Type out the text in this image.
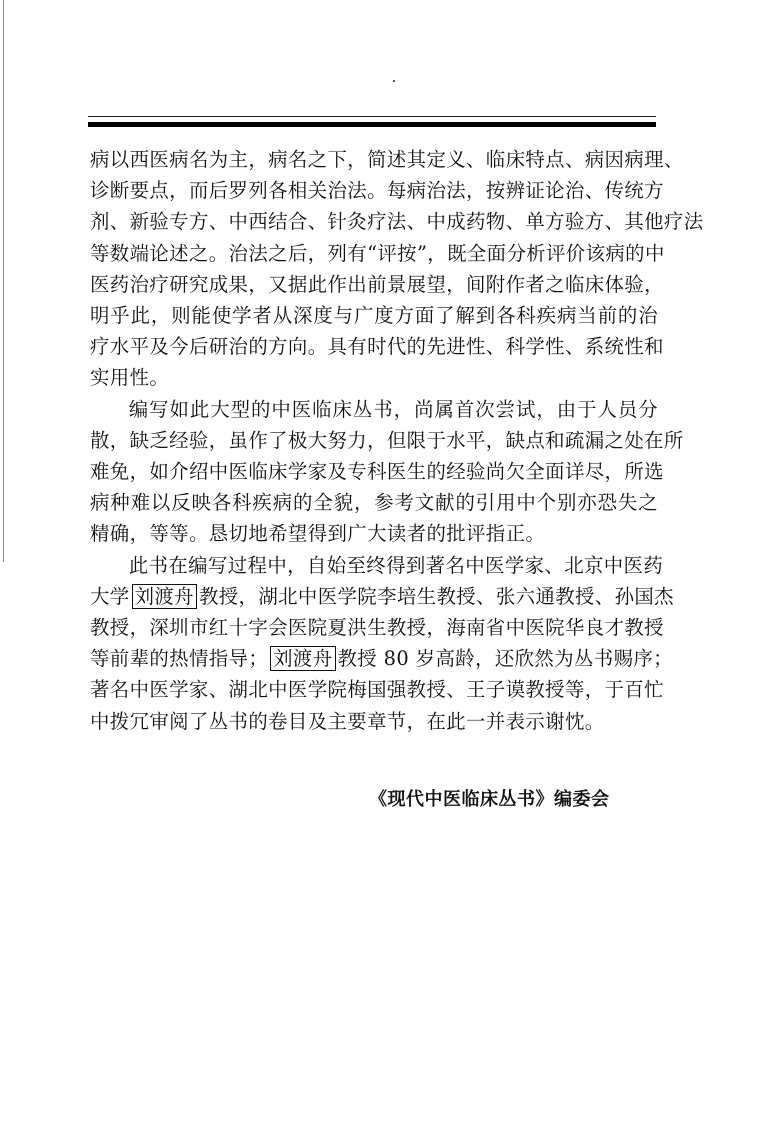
病以西医病名为主，病名之下，简述其定义、临床特点、病因病理、
诊断要点，而后罗列各相关治法。每病治法，按辨证论治、传统方
剂、新验专方、中西结合、针灸疗法、中成药物、单方验方、其他疗法
等数端论述之。治法之后，列有“评按”，既全面分析评价该病的中
医药治疗研究成果，又据此作出前景展望，间附作者之临床体验，
明乎此，则能使学者从深度与广度方面了解到各科疾病当前的治
疗水平及今后研治的方向。具有时代的先进性、科学性、系统性和
实用性。

编写如此大型的中医临床丛书，尚属首次尝试，由于人员分
散，缺乏经验，虽作了极大努力，但限于水平，缺点和疏漏之处在所
难免，如介绍中医临床学家及专科医生的经验尚欠全面详尽，所选
病种难以反映各科疾病的全貌，参考文献的引用中个别亦恐失之
精确，等等。恳切地希望得到广大读者的批评指正。

此书在编写过程中，自始至终得到著名中医学家、北京中医药
大学 刘渡舟 教授，湖北中医学院李培生教授、张六通教授、孙国杰
教授，深圳市红十字会医院夏洪生教授，海南省中医院华良才教授
等前辈的热情指导； 刘渡舟 教授 80 岁高龄，还欣然为丛书赐序；
著名中医学家、湖北中医学院梅国强教授、王子谟教授等，于百忙
中拨冗审阅了丛书的卷目及主要章节，在此一并表示谢忱。

《现代中医临床丛书》编委会
